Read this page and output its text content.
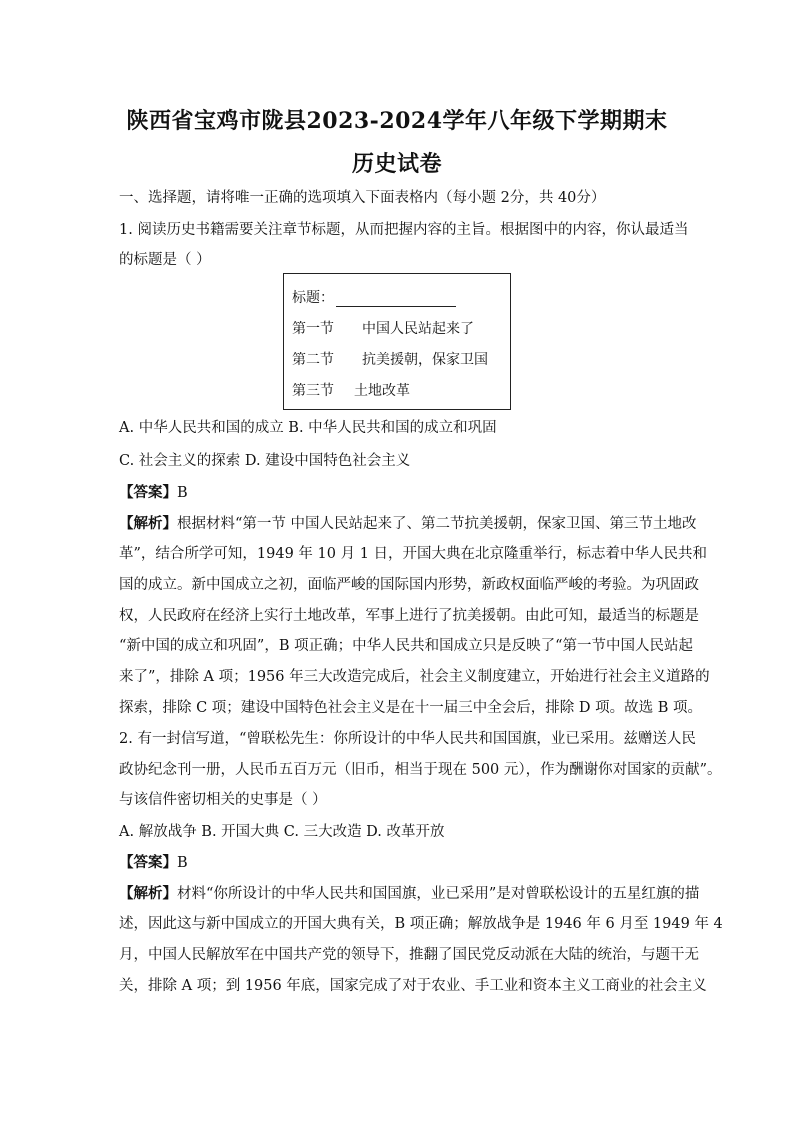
陕西省宝鸡市陇县2023-2024学年八年级下学期期末
历史试卷
一、选择题，请将唯一正确的选项填入下面表格内（每小题 2分，共 40分）
1. 阅读历史书籍需要关注章节标题，从而把握内容的主旨。根据图中的内容，你认最适当
的标题是（ ）
标题：
第一节 中国人民站起来了
第二节 抗美援朝，保家卫国
第三节 土地改革
A. 中华人民共和国的成立 B. 中华人民共和国的成立和巩固
C. 社会主义的探索 D. 建设中国特色社会主义
【答案】B
【解析】根据材料“第一节 中国人民站起来了、第二节抗美援朝，保家卫国、第三节土地改
革”，结合所学可知，1949 年 10 月 1 日，开国大典在北京隆重举行，标志着中华人民共和
国的成立。新中国成立之初，面临严峻的国际国内形势，新政权面临严峻的考验。为巩固政
权，人民政府在经济上实行土地改革，军事上进行了抗美援朝。由此可知，最适当的标题是
“新中国的成立和巩固”，B 项正确；中华人民共和国成立只是反映了“第一节中国人民站起
来了”，排除 A 项；1956 年三大改造完成后，社会主义制度建立，开始进行社会主义道路的
探索，排除 C 项；建设中国特色社会主义是在十一届三中全会后，排除 D 项。故选 B 项。
2. 有一封信写道，“曾联松先生：你所设计的中华人民共和国国旗，业已采用。兹赠送人民
政协纪念刊一册，人民币五百万元（旧币，相当于现在 500 元），作为酬谢你对国家的贡献”。
与该信件密切相关的史事是（ ）
A. 解放战争 B. 开国大典 C. 三大改造 D. 改革开放
【答案】B
【解析】材料“你所设计的中华人民共和国国旗，业已采用”是对曾联松设计的五星红旗的描
述，因此这与新中国成立的开国大典有关，B 项正确；解放战争是 1946 年 6 月至 1949 年 4
月，中国人民解放军在中国共产党的领导下，推翻了国民党反动派在大陆的统治，与题干无
关，排除 A 项；到 1956 年底，国家完成了对于农业、手工业和资本主义工商业的社会主义
